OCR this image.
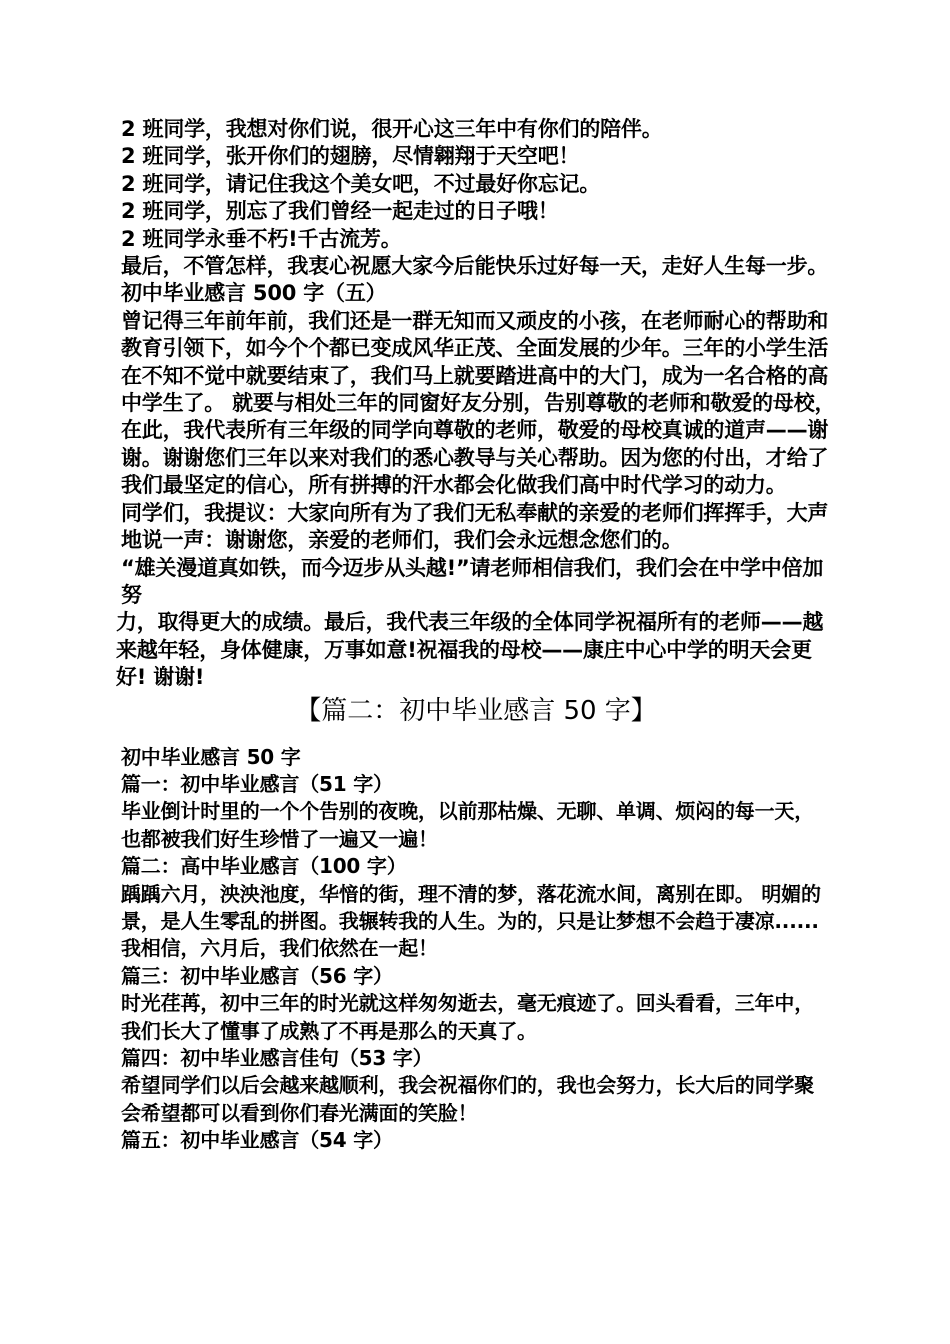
2 班同学，我想对你们说，很开心这三年中有你们的陪伴。
2 班同学，张开你们的翅膀，尽情翱翔于天空吧！
2 班同学，请记住我这个美女吧，不过最好你忘记。
2 班同学，别忘了我们曾经一起走过的日子哦！
2 班同学永垂不朽!千古流芳。
最后，不管怎样，我衷心祝愿大家今后能快乐过好每一天，走好人生每一步。初中毕业感言 500 字（五）
曾记得三年前年前，我们还是一群无知而又顽皮的小孩，在老师耐心的帮助和教育引领下，如今个个都已变成风华正茂、全面发展的少年。三年的小学生活在不知不觉中就要结束了，我们马上就要踏进高中的大门，成为一名合格的高中学生了。 就要与相处三年的同窗好友分别，告别尊敬的老师和敬爱的母校，在此，我代表所有三年级的同学向尊敬的老师，敬爱的母校真诚的道声——谢谢。谢谢您们三年以来对我们的悉心教导与关心帮助。因为您的付出，才给了我们最坚定的信心，所有拼搏的汗水都会化做我们高中时代学习的动力。
同学们，我提议：大家向所有为了我们无私奉献的亲爱的老师们挥挥手，大声地说一声：谢谢您，亲爱的老师们，我们会永远想念您们的。
“雄关漫道真如铁，而今迈步从头越!”请老师相信我们，我们会在中学中倍加努
力，取得更大的成绩。最后，我代表三年级的全体同学祝福所有的老师——越来越年轻，身体健康，万事如意!祝福我的母校——康庄中心中学的明天会更好! 谢谢!
【篇二：初中毕业感言 50 字】
初中毕业感言 50 字
篇一：初中毕业感言（51 字）
毕业倒计时里的一个个告别的夜晚，以前那枯燥、无聊、单调、烦闷的每一天，也都被我们好生珍惜了一遍又一遍！
篇二：高中毕业感言（100 字）
踽踽六月，泱泱池度，华愔的街，理不清的梦，落花流水间，离别在即。 明媚的景，是人生零乱的拼图。我辗转我的人生。为的，只是让梦想不会趋于凄凉...... 我相信，六月后，我们依然在一起！
篇三：初中毕业感言（56 字）
时光荏苒，初中三年的时光就这样匆匆逝去，毫无痕迹了。回头看看，三年中，我们长大了懂事了成熟了不再是那么的天真了。
篇四：初中毕业感言佳句（53 字）
希望同学们以后会越来越顺利，我会祝福你们的，我也会努力，长大后的同学聚会希望都可以看到你们春光满面的笑脸！
篇五：初中毕业感言（54 字）
